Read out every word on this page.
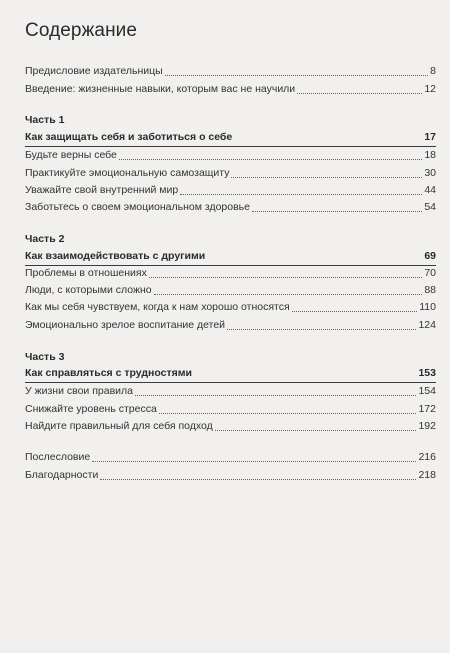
Содержание
Предисловие издательницы	8
Введение: жизненные навыки, которым вас не научили	12
Часть 1
Как защищать себя и заботиться о себе	17
Будьте верны себе	18
Практикуйте эмоциональную самозащиту	30
Уважайте свой внутренний мир	44
Заботьтесь о своем эмоциональном здоровье	54
Часть 2
Как взаимодействовать с другими	69
Проблемы в отношениях	70
Люди, с которыми сложно	88
Как мы себя чувствуем, когда к нам хорошо относятся	110
Эмоционально зрелое воспитание детей	124
Часть 3
Как справляться с трудностями	153
У жизни свои правила	154
Снижайте уровень стресса	172
Найдите правильный для себя подход	192
Послесловие	216
Благодарности	218
